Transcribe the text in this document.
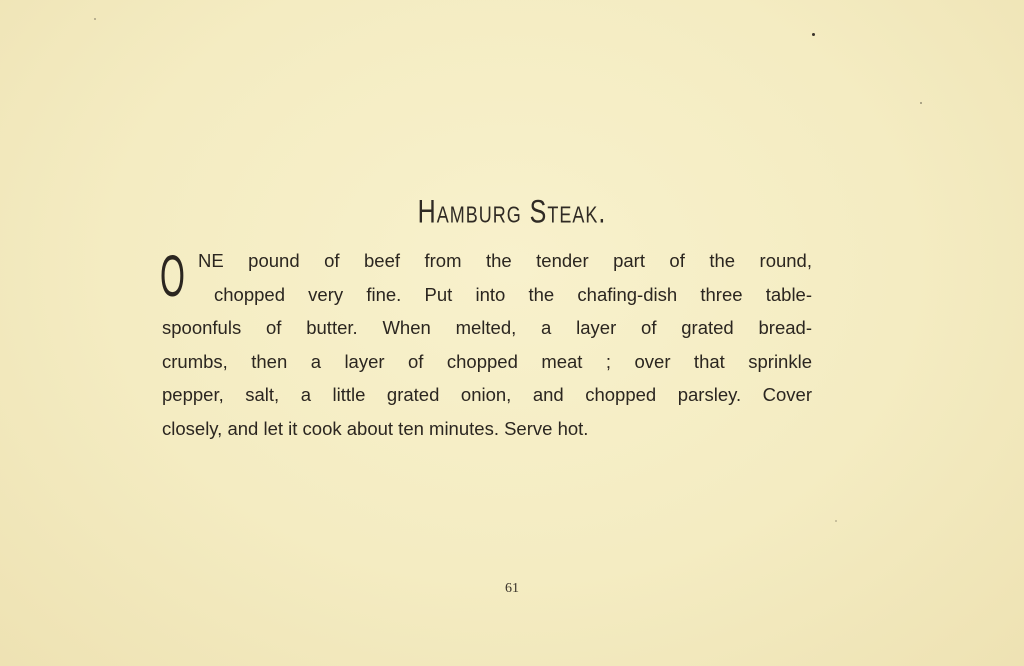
Hamburg Steak.
O NE pound of beef from the tender part of the round,
chopped very fine. Put into the chafing-dish three table-
spoonfuls of butter. When melted, a layer of grated bread-
crumbs, then a layer of chopped meat ; over that sprinkle
pepper, salt, a little grated onion, and chopped parsley. Cover
closely, and let it cook about ten minutes. Serve hot.
61
